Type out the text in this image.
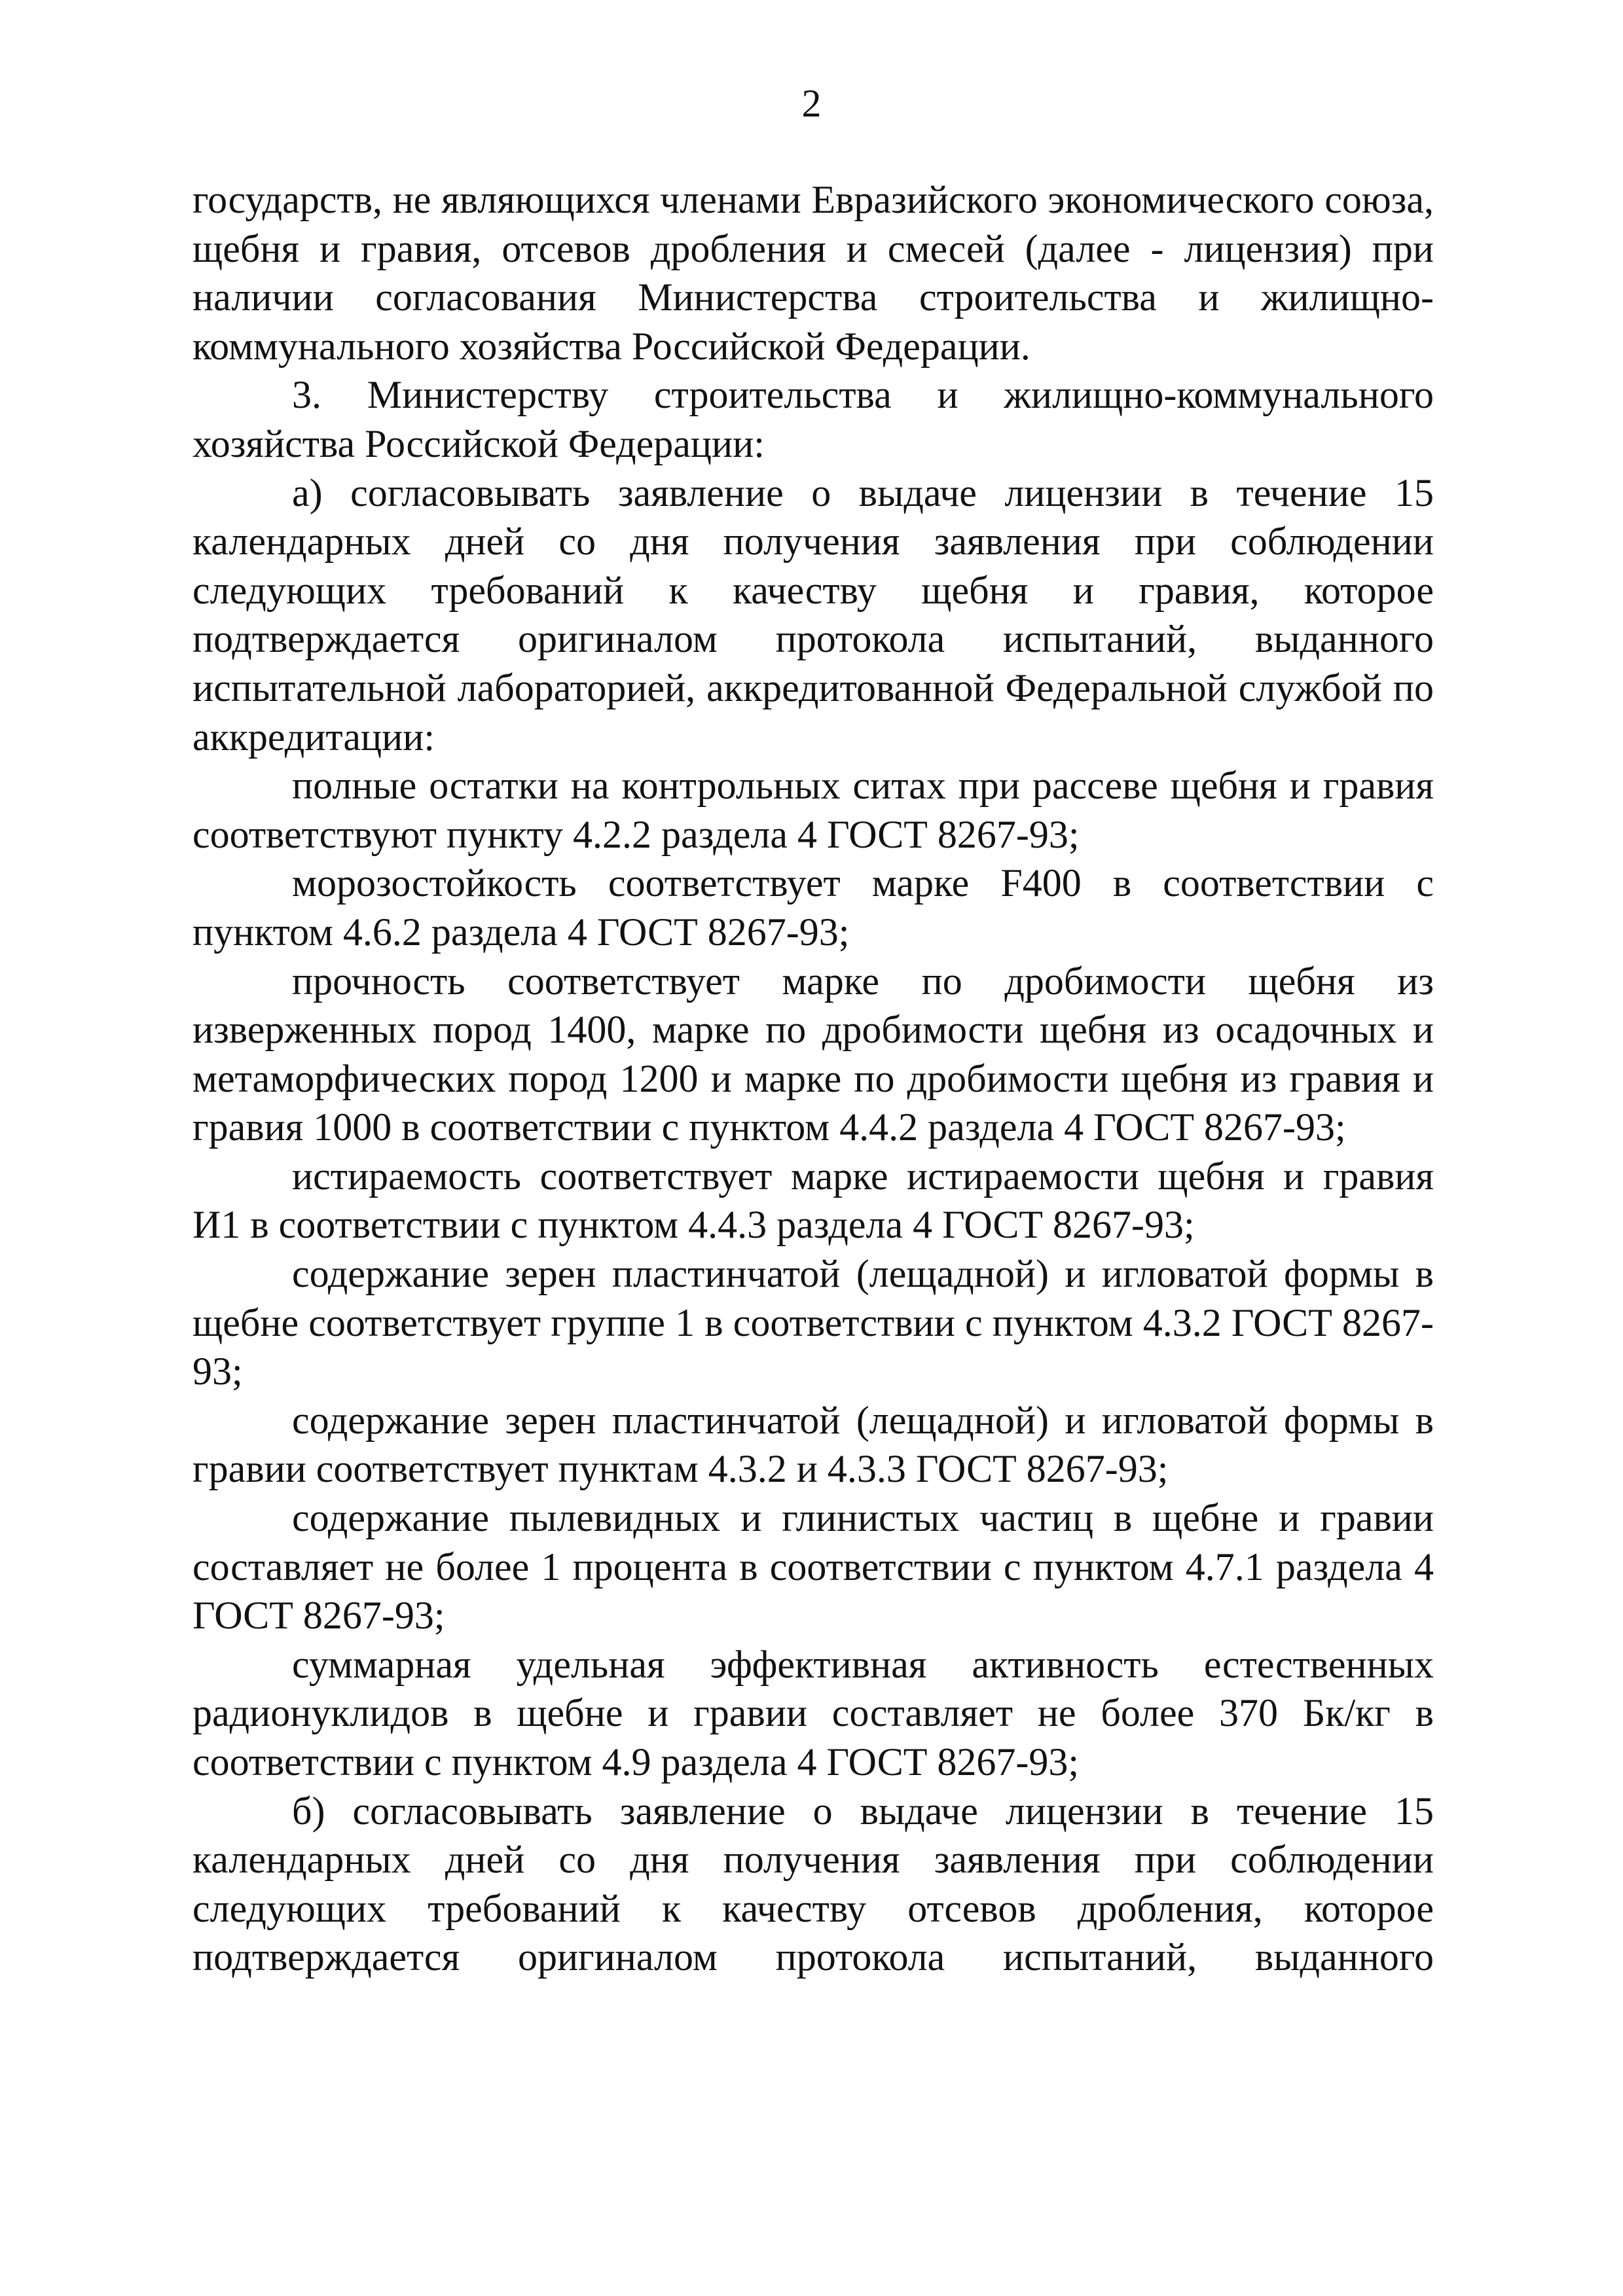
2

государств, не являющихся членами Евразийского экономического союза, щебня и гравия, отсевов дробления и смесей (далее - лицензия) при наличии согласования Министерства строительства и жилищно-коммунального хозяйства Российской Федерации.

3. Министерству строительства и жилищно-коммунального хозяйства Российской Федерации:

а) согласовывать заявление о выдаче лицензии в течение 15 календарных дней со дня получения заявления при соблюдении следующих требований к качеству щебня и гравия, которое подтверждается оригиналом протокола испытаний, выданного испытательной лабораторией, аккредитованной Федеральной службой по аккредитации:

полные остатки на контрольных ситах при рассеве щебня и гравия соответствуют пункту 4.2.2 раздела 4 ГОСТ 8267-93;

морозостойкость соответствует марке F400 в соответствии с пунктом 4.6.2 раздела 4 ГОСТ 8267-93;

прочность соответствует марке по дробимости щебня из изверженных пород 1400, марке по дробимости щебня из осадочных и метаморфических пород 1200 и марке по дробимости щебня из гравия и гравия 1000 в соответствии с пунктом 4.4.2 раздела 4 ГОСТ 8267-93;

истираемость соответствует марке истираемости щебня и гравия И1 в соответствии с пунктом 4.4.3 раздела 4 ГОСТ 8267-93;

содержание зерен пластинчатой (лещадной) и игловатой формы в щебне соответствует группе 1 в соответствии с пунктом 4.3.2 ГОСТ 8267-93;

содержание зерен пластинчатой (лещадной) и игловатой формы в гравии соответствует пунктам 4.3.2 и 4.3.3 ГОСТ 8267-93;

содержание пылевидных и глинистых частиц в щебне и гравии составляет не более 1 процента в соответствии с пунктом 4.7.1 раздела 4 ГОСТ 8267-93;

суммарная удельная эффективная активность естественных радионуклидов в щебне и гравии составляет не более 370 Бк/кг в соответствии с пунктом 4.9 раздела 4 ГОСТ 8267-93;

б) согласовывать заявление о выдаче лицензии в течение 15 календарных дней со дня получения заявления при соблюдении следующих требований к качеству отсевов дробления, которое подтверждается оригиналом протокола испытаний, выданного
